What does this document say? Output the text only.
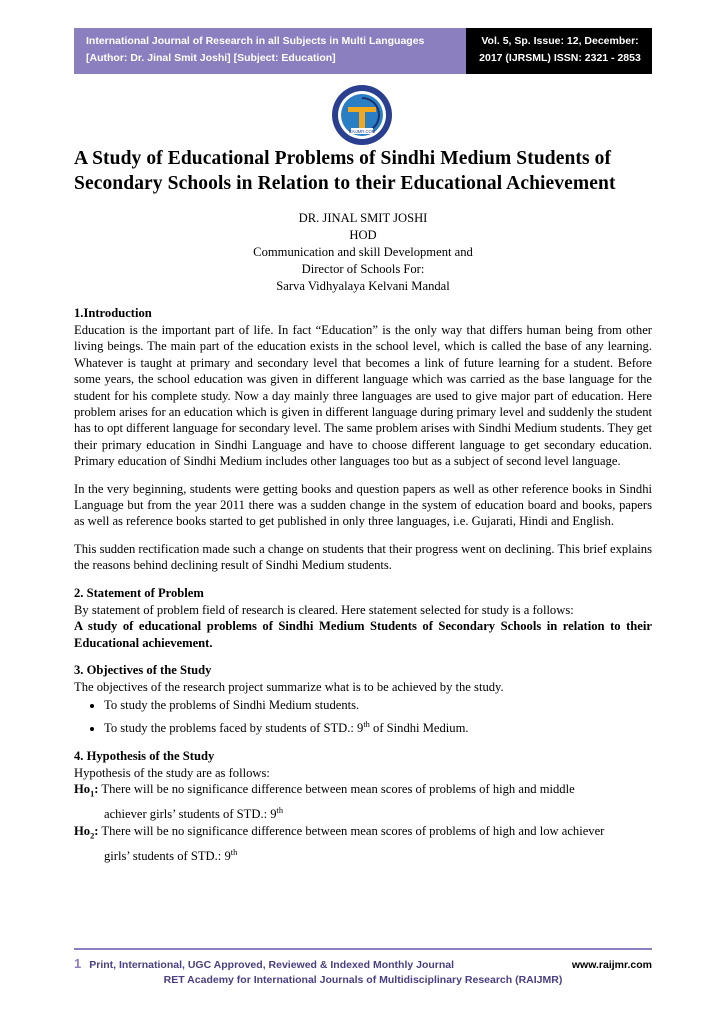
International Journal of Research in all Subjects in Multi Languages
[Author: Dr. Jinal Smit Joshi] [Subject: Education]
Vol. 5, Sp. Issue: 12, December:
2017 (IJRSML) ISSN: 2321 - 2853
RAIJMR.COM
A Study of Educational Problems of Sindhi Medium Students of Secondary Schools in Relation to their Educational Achievement
DR. JINAL SMIT JOSHI
HOD
Communication and skill Development and
Director of Schools For:
Sarva Vidhyalaya Kelvani Mandal
1.Introduction

Education is the important part of life. In fact “Education” is the only way that differs human being from other living beings. The main part of the education exists in the school level, which is called the base of any learning. Whatever is taught at primary and secondary level that becomes a link of future learning for a student. Before some years, the school education was given in different language which was carried as the base language for the student for his complete study. Now a day mainly three languages are used to give major part of education. Here problem arises for an education which is given in different language during primary level and suddenly the student has to opt different language for secondary level. The same problem arises with Sindhi Medium students. They get their primary education in Sindhi Language and have to choose different language to get secondary education. Primary education of Sindhi Medium includes other languages too but as a subject of second level language.

In the very beginning, students were getting books and question papers as well as other reference books in Sindhi Language but from the year 2011 there was a sudden change in the system of education board and books, papers as well as reference books started to get published in only three languages, i.e. Gujarati, Hindi and English.

This sudden rectification made such a change on students that their progress went on declining. This brief explains the reasons behind declining result of Sindhi Medium students.

2. Statement of Problem

By statement of problem field of research is cleared. Here statement selected for study is a follows:

A study of educational problems of Sindhi Medium Students of Secondary Schools in relation to their Educational achievement.

3. Objectives of the Study

The objectives of the research project summarize what is to be achieved by the study.

• To study the problems of Sindhi Medium students.
• To study the problems faced by students of STD.: 9th of Sindhi Medium.
4. Hypothesis of the Study

Hypothesis of the study are as follows:

$Ho_1$: There will be no significance difference between mean scores of problems of high and middle

achiever girls’ students of STD.: 9th

$Ho_2$: There will be no significance difference between mean scores of problems of high and low achiever

girls’ students of STD.: 9th

1 Print, International, UGC Approved, Reviewed & Indexed Monthly Journal	www.raijmr.com
RET Academy for International Journals of Multidisciplinary Research (RAIJMR)
